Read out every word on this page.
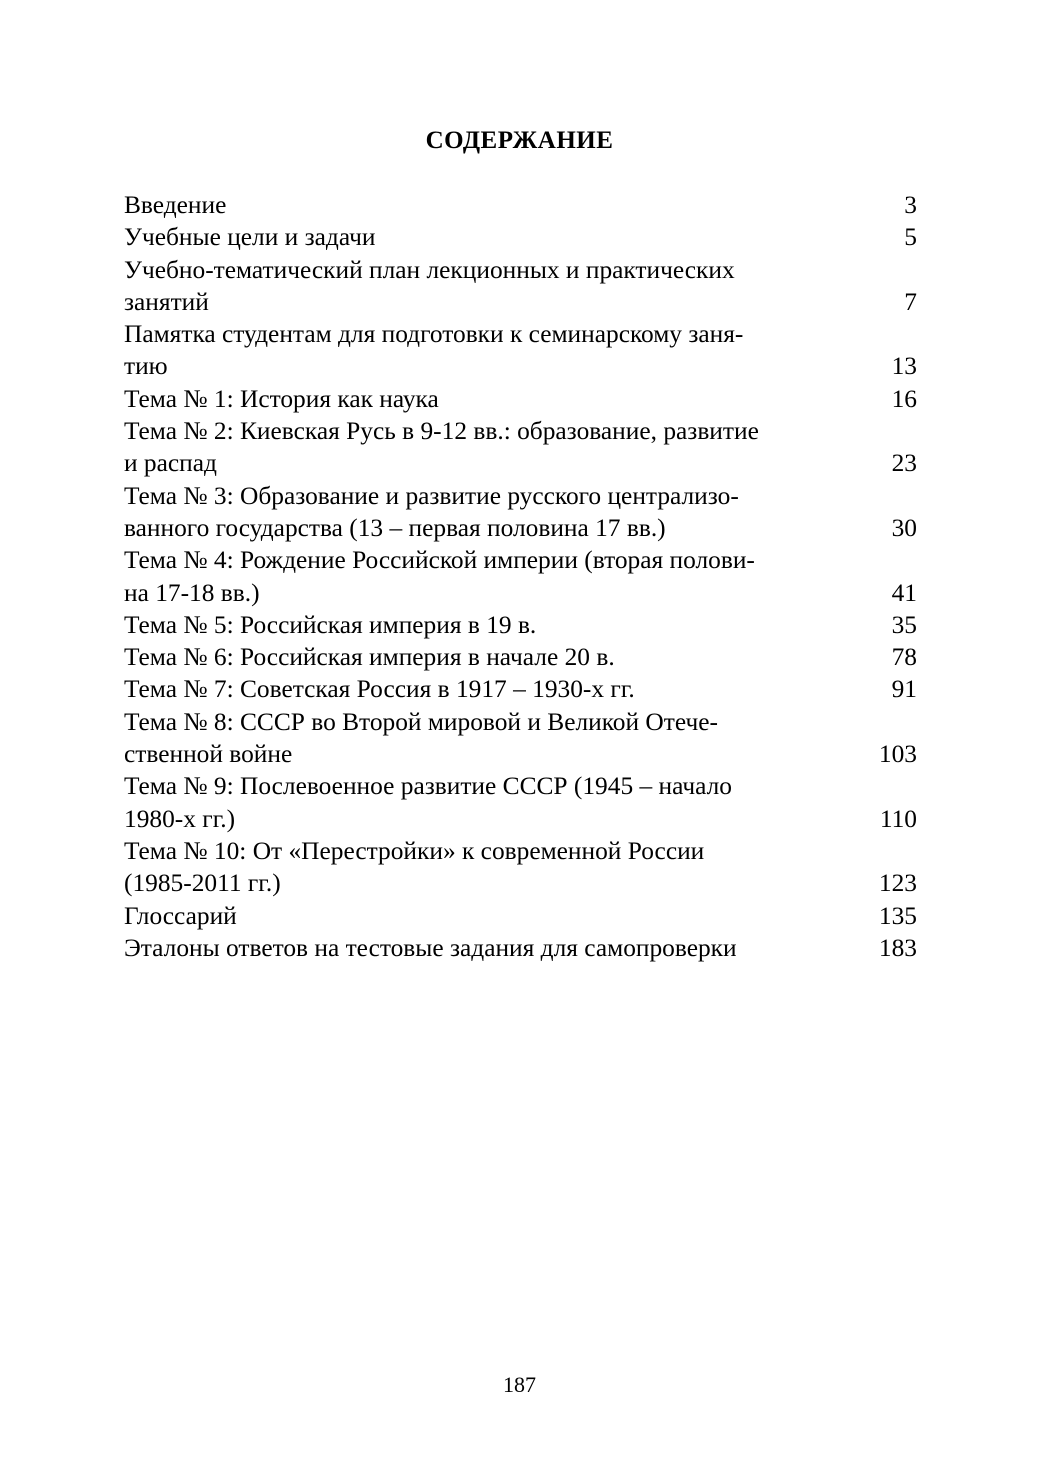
СОДЕРЖАНИЕ
Введение	3
Учебные цели и задачи	5
Учебно-тематический план лекционных и практических
занятий	7
Памятка студентам для подготовки к семинарскому заня-
тию	13
Тема № 1: История как наука	16
Тема № 2: Киевская Русь в 9-12 вв.: образование, развитие
и распад	23
Тема № 3: Образование и развитие русского централизо-
ванного государства (13 – первая половина 17 вв.)	30
Тема № 4: Рождение Российской империи (вторая полови-
на 17-18 вв.)	41
Тема № 5: Российская империя в 19 в.	35
Тема № 6: Российская империя в начале 20 в.	78
Тема № 7: Советская Россия в 1917 – 1930-х гг.	91
Тема № 8: СССР во Второй мировой и Великой Отече-
ственной войне	103
Тема № 9: Послевоенное развитие СССР (1945 – начало
1980-х гг.)	110
Тема № 10: От «Перестройки» к современной России
(1985-2011 гг.)	123
Глоссарий	135
Эталоны ответов на тестовые задания для самопроверки	183
187
